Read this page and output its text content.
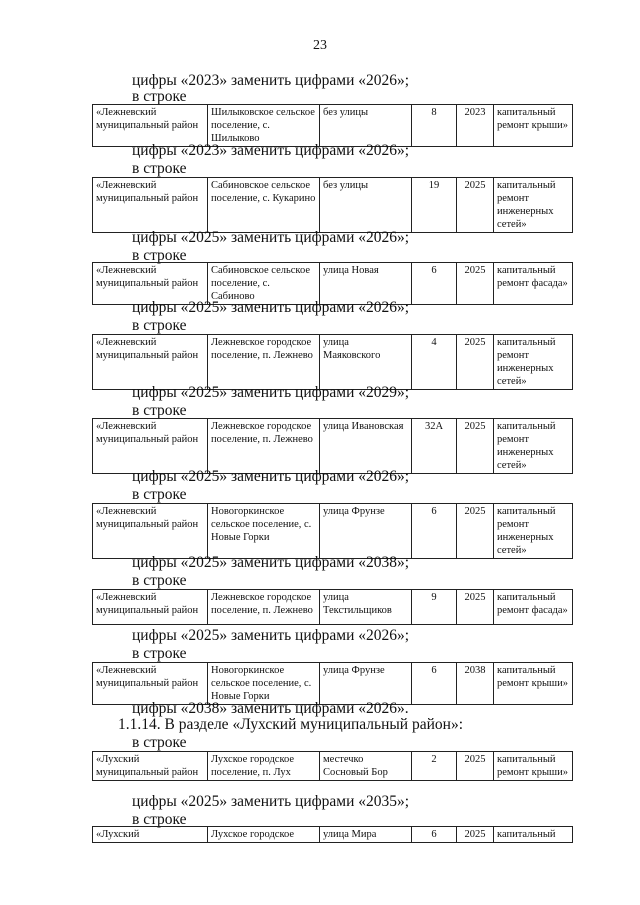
23
цифры «2023» заменить цифрами «2026»;
в строке
«Лежневский муниципальный район	Шилыковское сельское поселение, с. Шилыково	без улицы	8	2023	капитальный ремонт крыши»
цифры «2023» заменить цифрами «2026»;
в строке
«Лежневский муниципальный район	Сабиновское сельское поселение, с. Кукарино	без улицы	19	2025	капитальный ремонт инженерных сетей»
цифры «2025» заменить цифрами «2026»;
в строке
«Лежневский муниципальный район	Сабиновское сельское поселение, с. Сабиново	улица Новая	6	2025	капитальный ремонт фасада»
цифры «2025» заменить цифрами «2026»;
в строке
«Лежневский муниципальный район	Лежневское городское поселение, п. Лежнево	улица Маяковского	4	2025	капитальный ремонт инженерных сетей»
цифры «2025» заменить цифрами «2029»;
в строке
«Лежневский муниципальный район	Лежневское городское поселение, п. Лежнево	улица Ивановская	32А	2025	капитальный ремонт инженерных сетей»
цифры «2025» заменить цифрами «2026»;
в строке
«Лежневский муниципальный район	Новогоркинское сельское поселение, с. Новые Горки	улица Фрунзе	6	2025	капитальный ремонт инженерных сетей»
цифры «2025» заменить цифрами «2038»;
в строке
«Лежневский муниципальный район	Лежневское городское поселение, п. Лежнево	улица Текстильщиков	9	2025	капитальный ремонт фасада»
цифры «2025» заменить цифрами «2026»;
в строке
«Лежневский муниципальный район	Новогоркинское сельское поселение, с. Новые Горки	улица Фрунзе	6	2038	капитальный ремонт крыши»
цифры «2038» заменить цифрами «2026».
1.1.14. В разделе «Лухский муниципальный район»:
в строке
«Лухский муниципальный район	Лухское городское поселение, п. Лух	местечко Сосновый Бор	2	2025	капитальный ремонт крыши»
цифры «2025» заменить цифрами «2035»;
в строке
«Лухский	Лухское городское	улица Мира	6	2025	капитальный
